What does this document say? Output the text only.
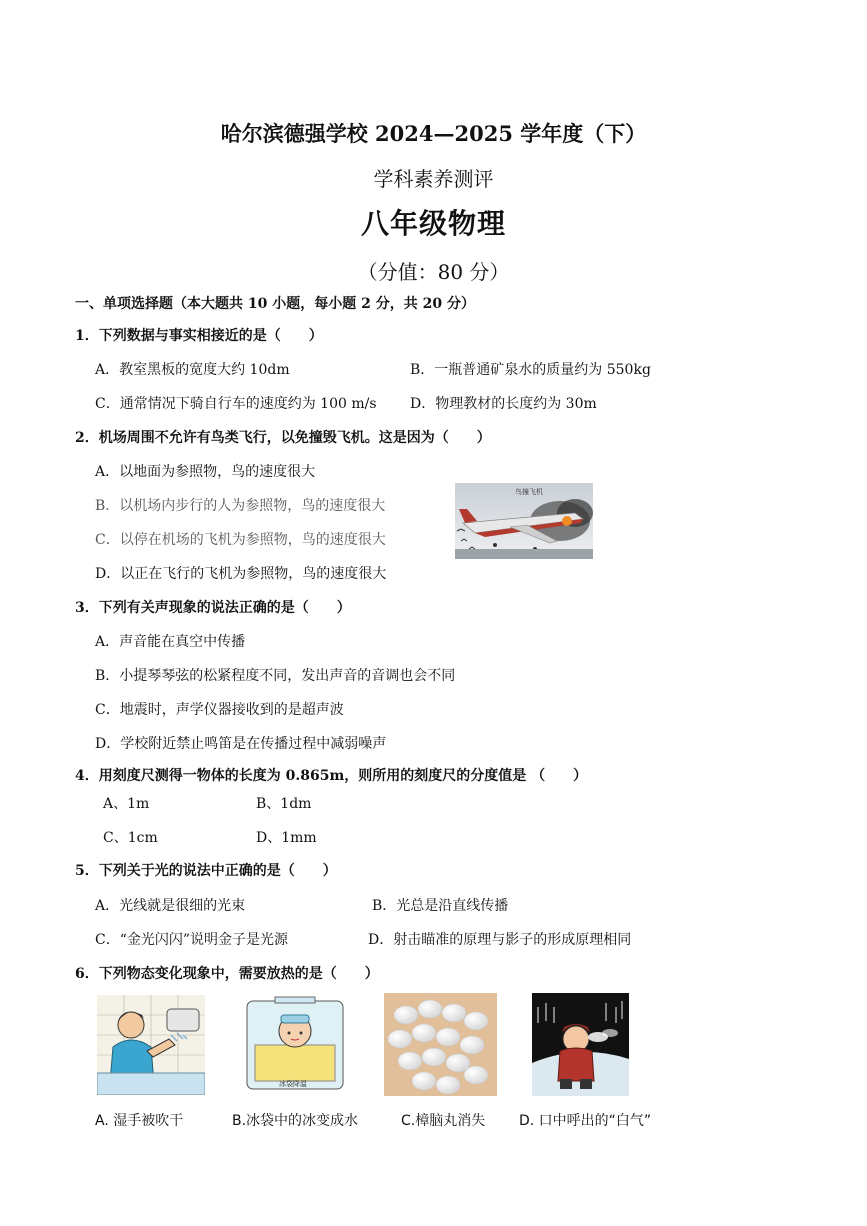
哈尔滨德强学校 2024—2025 学年度（下）
学科素养测评
八年级物理
（分值：80 分）
一、单项选择题（本大题共 10 小题，每小题 2 分，共 20 分）
1．下列数据与事实相接近的是（　　）
A．教室黑板的宽度大约 10dm	B．一瓶普通矿泉水的质量约为 550kg
C．通常情况下骑自行车的速度约为 100 m/s D．物理教材的长度约为 30m
2．机场周围不允许有鸟类飞行，以免撞毁飞机。这是因为（　　）
A．以地面为参照物，鸟的速度很大
B．以机场内步行的人为参照物，鸟的速度很大
C．以停在机场的飞机为参照物，鸟的速度很大
D．以正在飞行的飞机为参照物，鸟的速度很大
鸟撞飞机
3．下列有关声现象的说法正确的是（　　）
A．声音能在真空中传播
B．小提琴琴弦的松紧程度不同，发出声音的音调也会不同
C．地震时，声学仪器接收到的是超声波
D．学校附近禁止鸣笛是在传播过程中减弱噪声
4．用刻度尺测得一物体的长度为 0.865m，则所用的刻度尺的分度值是 （　　）
A、1m	B、1dm
C、1cm	D、1mm
5．下列关于光的说法中正确的是（　　）
A．光线就是很细的光束	B．光总是沿直线传播
C．“金光闪闪”说明金子是光源	D．射击瞄准的原理与影子的形成原理相同
6．下列物态变化现象中，需要放热的是（　　）
冰袋降温
A. 湿手被吹干	B.冰袋中的冰变成水	C.樟脑丸消失 D. 口中呼出的“白气”
